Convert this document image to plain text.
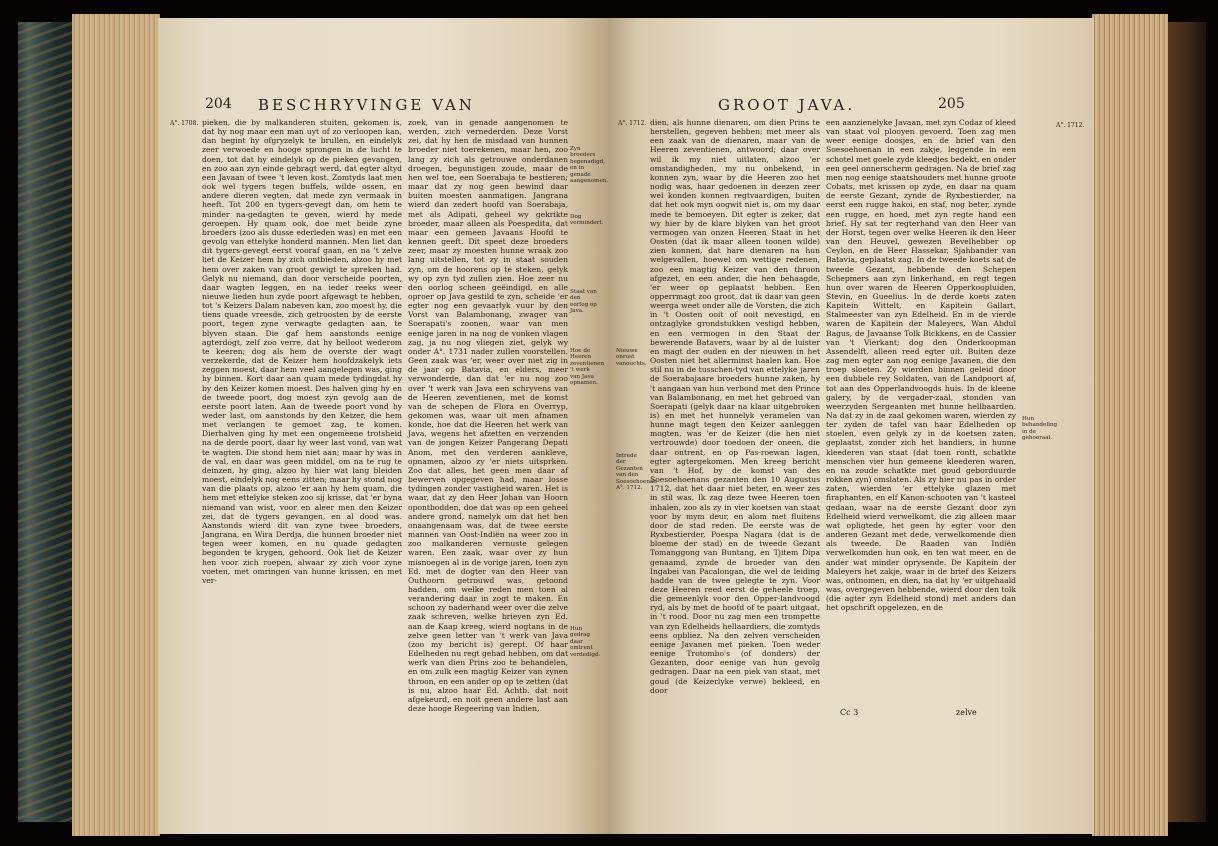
204 BESCHRYVINGE VAN
A°. 1708. pieken, die by malkanderen stuiten, gekomen is, dat hy nog maar een man uyt of zo verloopen kan, dan begint hy ofgryzelyk te brullen, en eindelyk zeer verwoede en hooge sprongen in de lucht te doen, tot dat hy eindelyk op de pieken gevangen, en zoo aan zyn einde gebragt werd, dat egter altyd een Javaan of twee 't leven kost. Zomtyds laat men ook wel tygers tegen buffels, wilde ossen, en andere dieren vegten, dat mede zyn vermaak in heeft. Tot 200 en tygers-gevegt dan, om hem te minder na-gedagten te geven, wierd hy mede geroepen. Hy quam ook, doe met beide zyne broeders (zoo als dusse ederleden was) en met een gevolg van ettelyke honderd mannen. Men liet dan dit tygers-gevegt eerst vooraf gaan, en na 't zelve liet de Keizer hem by zich ontbieden, alzoo hy met hem over zaken van groot gewigt te spreken had. Gelyk nu niemand, dan door verscheide poorten, daar wagten leggen, en na ieder reeks weer nieuwe lieden hun zyde poort afgewagt te hebben, tot 's Keizers Dalam nabeven kan, zoo moest hy, die tiens quade vreesde, zich getroosten by de eerste poort, tegen zyne verwagte gedagten aan, te blyven staan. Die gaf hem aanstonds eenige agterdogt, zelf zoo verre, dat hy belloot wederom te keeren; dog als hem de overste der wagt verzekerde, dat de Keizer hem hoofdzakelyk iets zeggen moest, daar hem veel aangelegen was, ging hy binnen. Kort daar aan quam mede tydingdat hy by den Keizer komen moest. Des halven ging hy en de tweede poort, dog moest zyn gevolg aan de eerste poort laten. Aan de tweede poort vond hy weder last, om aanstonds by den Keizer, die hem met verlangen te gemoet zag, te komen. Dierhalven ging hy met een ongemeene trotsheid na de derde poort, daar hy weer last vond, van wat te wagten. Die stond hem niet aan; maar hy was in de val, en daar was geen middel, om na te rug te deinzen, hy ging, alzoo hy hier wat lang bleiden moest, eindelyk nog eens zitten; maar hy stond nog van die plaats op, alzoo 'er aan hy hem quam, die hem met ettelyke steken zoo sij krisse, dat 'er byna niemand van wist, voor en aleer men den Keizer zei, dat de tygers gevangen, en al dood was. Aanstonds wierd dit van zyne twee broeders, Jangrana, en Wira Derdja, die hunnen broeder niet tegen weer komen, en nu quade gedagten begonden te krygen, gehoord. Ook liet de Keizer hen voor zich roepen, alwaar zy zich voor zyne voeten, met omringen van hunne krissen, en met ver-
zoek, van in genade aangenomen te werden, zich vernederden. Deze Vorst zei, dat hy hen de misdaad van hunnen broeder niet toerekenen, maar hen, zoo lang zy zich als getrouwe onderdanen droegen, begunstigen zoude, maar de hen wel toe, een Soerabaja te bestieren; maar dat zy nog geen bewind daar buiten moesten aanmatigen. Jangrana wierd dan zedert hoofd van Soerabaja, met als Adipati, geheel wy gekrikte broeder, maar alleen als Poespedita, dat maar een gemeen Javaans Hoofd te kennen geeft. Dit speet deze broeders zeer, maar zy moesten hunne wraak zoo lang uitstellen, tot zy in staat souden zyn, om de hoorens op te steken, gelyk wy op zyn tyd zullen zien. Hoe zeer nu den oorlog scheen geëindigd, en alle oproer op Java gestild te zyn, scheide 'er egter nog een gevaarlyk vuur by den Vorst van Balambonang, zwager van Soerapati's zoonen, waar van men eenige jaren in na nog de vonken vlagen zag, ja nu nog vliegen ziet, gelyk wy onder A°. 1731 nader zullen voorstellen. Geen zaak was 'er, weer over niet zig in de jaar op Batavia, en elders, meer verwonderde, dan dat 'er nu nog zoo over 't werk van Java een schryvens van de Heeren zeventienen, met de komst van de schepen de Flora en Overryp, gekomen was, waar uit men afnamen konde, hoe dat die Heeren het werk van Java, wegens het afzetten en verzenden van de jongen Keizer Pangerang Depati Anom, met den verderen aankleve, opnamen, alzoo zy 'er niets uitsprken. Zoo dat alles, het geen men daar af bewerven opgegeven had, maar losse tydingen zonder vastigheid waren. Het is waar, dat zy den Heer Johan van Hoorn opontbodden, doe dat was op een geheel andere grond, namelyk om dat het ben onaangenaam was, dat de twee eerste mannen van Oost-Indiën na weer zoo in zoo malkanderen vernuste gelegen waren. Een zaak, waar over zy hun misnoegen al in de vorige jaren, toen zyn Ed. met de dogter van den Heer van Outhoorn getrouwd was, getoond hadden, om welke reden men toen al verandering daar in zogt te maken. En schoon zy naderhand weer over die zelve zaak schreven, welke brieven zyn Ed. aan de Kaap kreeg, wierd nogtans in de zelve geen letter van 't werk van Java (zoo my bericht is) gerept. Of haar Edelheden nu regt gehad hebben, om dat werk van dien Prins zoo te behandelen, en om zulk een magtig Keizer van zynen throon, en een ander op op te zetten (dat is nu, alzoo haar Ed. Achtb. dat noit afgekeurd, en noit geen andere last aan deze hooge Regeering van Indien,
Zyn broeders begenadigd, en in genade aangenomen.
Dog vermindert.
Staat van den oorlog op Java.
Hoe de Heeren zeventienen 't werk van Java opnamen.
Hun gedrag daar omtrent verdedigd.
GROOT JAVA.	205
A°. 1712.	A°. 1712.
dien, als hunne dienaren, om dien Prins te herstellen, gegeven hebben; met meer als een zaak van de dienaren, maar van de Heeren zeventienen, antwoord; daar over wil ik my niet uitlaten, alzoo 'er omstandigheden, my nu onbekend, in konnen zyn, waar by die Heeren zoo het nodig was, haar gedoenen in deezen zeer wel konden konnen regtvaardigen, buiten dat het ook myn oogwit niet is, om my daar mede te bemoeyen. Dit egter is zeker, dat wy hier by de klare blyken van het groot vermogen van onzen Heeren Staat in het Oosten (dat ik maar alleen toonen wilde) zien konnen, dat hare dienaren na hun welgevallen, hoewel om wettige redenen, zoo een magtig Keizer van den throon afgezet, en een ander, die hen behaagde, 'er weer op geplaatst hebben. Een opperrmagt zoo groot, dat ik daar van geen weerga weet onder alle de Vorsten, die zich in 't Oosten ooit of ooit nevestigd, en ontzaglyke grondstukken vestigd hebben, en een vermogen in den Staat der bewerende Batavers, waar by al de luister en magt der ouden en der nieuwen in het Oosten niet het allerminst haalen kan. Hoe stil nu in de tusschen-tyd van ettelyke jaren de Soerabajaare broeders hunne zaken, hy 't aangaan van hun verbond met den Prince van Balambonang, en met het gebroed van Soerapati (gelyk daar na klaar uitgebroken is) en met het hunnelyk veramelen van hunne magt tegen den Keizer aanleggen mogten, was 'er de Keizer (die hen niet vertrouwde) door toedoen der oneen, die daar ontrent, en op Pas-roewan lagen, egter agtergekomen. Men kreeg bericht van 't Hof, by de komst van des Soesoehoenans gezanten den 10 Augustus 1712, dat het daar niet beter, en weer zes in stil was. Ik zag deze twee Heeren toen inhalen, zoo als zy in vier koetsen van staat voor by mym deur, en alom met fluitens door de stad reden. De eerste was de Ryxbestierder, Poespa Nagara (dat is de bloeme der stad) en de tweede Gezant Tomanggong van Buntang, en Tjitem Dipa genaamd, zynde de broeder van den Ingabei van Pacalongan, die wel de leiding hadde van de twee gelegte te zyn. Voor deze Heeren reed eerst de geheele troep, die gemeenlyk voor den Opper-landvoogd ryd, als by met de hoofd of te paart uitgaat, in 't rood. Door nu zag men een trompette van zyn Edelheids hellaardiers, die zomtyds eens opbliez. Na den zelven verscheiden eenige Javanen met pieken. Toen weder eenige Trotombo's (of donders) der Gezanten, door eenige van hun gevolg gedragen. Daar na een piek van staat, met goud (de Keizerlyke verwe) bekleed, en door
een aanzienelyke Javaan, met zyn Codaz of kleed van staat vol plooyen gevoerd. Toen zag men weer eenige doosjes, en de brief van den Soesoehoenan in een zakje, leggende in een schotel met goele zyde kleedjes bedekt, en onder een geel onnerscherm gedragen. Na de brief zag men nog eenige staatshouders met hunne groote Cobats, met krissen op zyde, en daar na quam de eerste Gezant, zynde de Ryxbestierder, na eerst een rugge hakoi, en staf, nog beter, zynde een rugge, en hoed, met zyn regte hand een brief. Hy sat ter regterhand van den Heer van der Horst, tegen over welke Heeren ik den Heer van den Heuvel, gewezen Bevelhebber op Ceylon, en de Heer Hassekar, Sjahbander van Batavia, geplaatst zag. In de tweede koets sat de tweede Gezant, hebbende den Schepen Schepmers aan zyn linkerhand, en regt tegen hun over waren de Heeren Opperkoopluiden, Stevin, en Gueelius. In de derde koets zaten Kapitein Wittelt, en Kapitein Gallart, Stalmeester van zyn Edelheid. En in de vierde waren de Kapitein der Maleyers, Wan Abdul Bagus, de Javaanse Tolk Bickkens, en de Cassier van 't Vierkant; dog den Onderkoopman Assendelft, alleen reed egter uit. Buiten deze zag men egter aan nog eenige Javanen, die den troep sloeten. Zy wierden binnen geleid door een dubbele rey Soldaten, van de Landpoort af, tot aan des Opperlandvoogds huis. In de kleene galery, by de vergader-zaal, stonden van weerzyden Sergeanten met hunne hellbaarden. Na dat zy in de zaal gekomen waren, wierden zy ter zyden de tafel van haar Edelheden op stoelen, even gelyk zy in de koetsen zaten, geplaatst, zonder zich het bandiers, in hunne kleederen van staat (dat toen rontt, schatkte menschen vier hun gemeene kleederen waren, en na zoude schatkte met goud geborduurde rokken zyn) omslaten. Als zy hier nu pas in order zaten, wierden 'er ettelyke glazen met firaphanten, en elf Kanon-schooten van 't kasteel gedaan, waar na de eerste Gezant door zyn Edelheid wierd verwelkomt, die zig alleen maar wat opligtede, het geen hy egter voor den anderen Gezant met dede, verwelkomende dien als tweede. De Raaden van Indiën verwelkomden hun ook, en ten wat meer, en de ander wat minder oprysende. De Kapitein der Maleyers het zakje, waar in de brief des Keizers was, ontnomen, en dien, na dat hy 'er uitgehaald was, overgegeven hebbende, wierd door den tolk (die agter zyn Edelheid stond) met anders dan het opschrift opgelezen, en de
Nieuwe onrust vanouchts.
Intrede der Gezanten van den Soesoehoenan A°. 1712.
Hun behandeling in de gehooraal.
Cc 3	zelve
